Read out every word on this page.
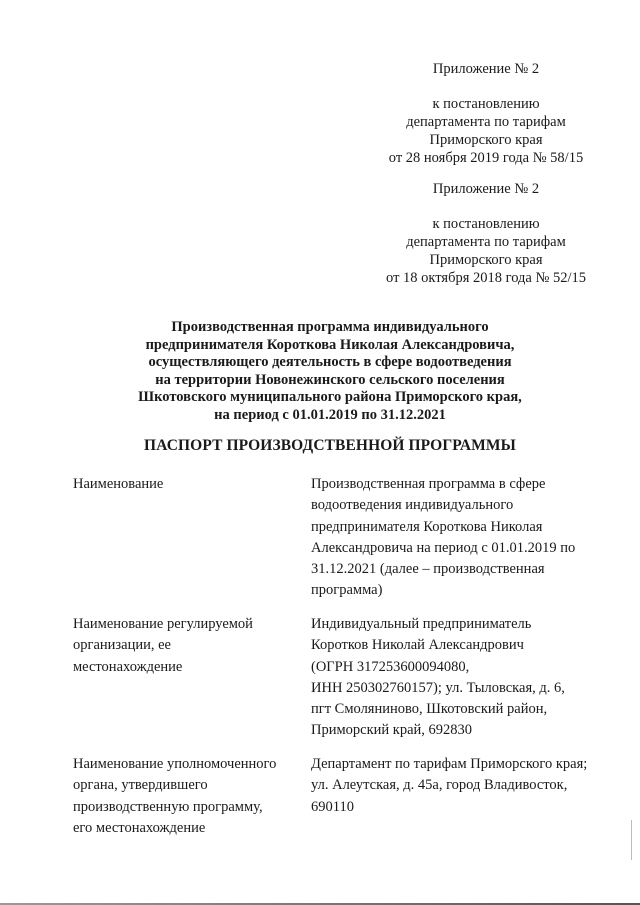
Приложение № 2
к постановлению
департамента по тарифам
Приморского края
от 28 ноября 2019 года № 58/15
Приложение № 2
к постановлению
департамента по тарифам
Приморского края
от 18 октября 2018 года № 52/15
Производственная программа индивидуального
предпринимателя Короткова Николая Александровича,
осуществляющего деятельность в сфере водоотведения
на территории Новонежинского сельского поселения
Шкотовского муниципального района Приморского края,
на период с 01.01.2019 по 31.12.2021
ПАСПОРТ ПРОИЗВОДСТВЕННОЙ ПРОГРАММЫ
Наименование	Производственная программа в сфере
водоотведения индивидуального
предпринимателя Короткова Николая
Александровича на период с 01.01.2019 по
31.12.2021 (далее – производственная
программа)
Наименование регулируемой
организации, ее
местонахождение
Индивидуальный предприниматель
Коротков Николай Александрович
(ОГРН 317253600094080,
ИНН 250302760157); ул. Тыловская, д. 6,
пгт Смоляниново, Шкотовский район,
Приморский край, 692830
Наименование уполномоченного
органа, утвердившего
производственную программу,
его местонахождение
Департамент по тарифам Приморского края;
ул. Алеутская, д. 45а, город Владивосток,
690110
